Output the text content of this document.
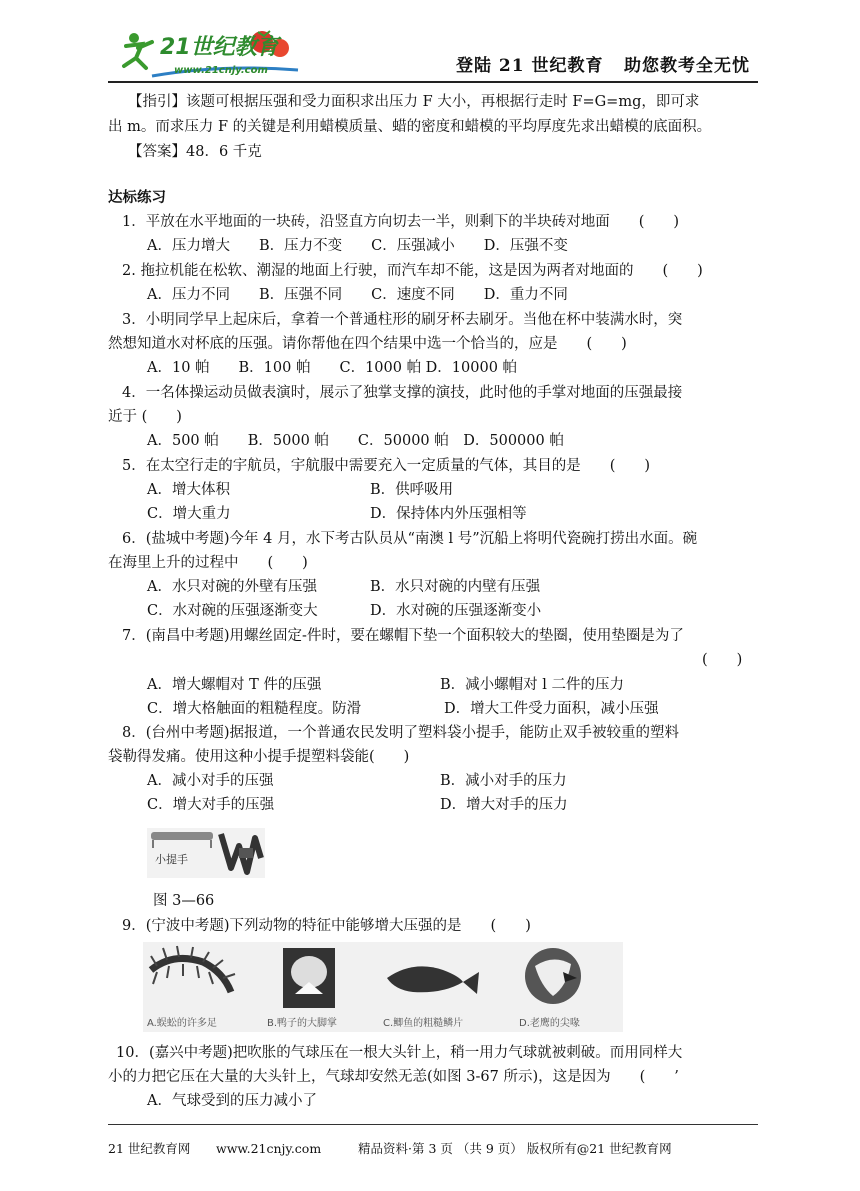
21世纪教育
www.21cnjy.com	登陆 21 世纪教育 助您教考全无忧
【指引】该题可根据压强和受力面积求出压力 F 大小，再根据行走时 F=G=mg，即可求
出 m。而求压力 F 的关键是利用蜡模质量、蜡的密度和蜡模的平均厚度先求出蜡模的底面积。
【答案】48．6 千克
达标练习
1．平放在水平地面的一块砖，沿竖直方向切去一半，则剩下的半块砖对地面　　(　　)
A．压力增大　　B．压力不变　　C．压强减小　　D．压强不变
2. 拖拉机能在松软、潮湿的地面上行驶，而汽车却不能，这是因为两者对地面的　　(　　)
A．压力不同　　B．压强不同　　C．速度不同　　D．重力不同
3．小明同学早上起床后，拿着一个普通柱形的刷牙杯去刷牙。当他在杯中装满水时，突
然想知道水对杯底的压强。请你帮他在四个结果中选一个恰当的，应是　　(　　)
A．10 帕　　B．100 帕　　C．1000 帕 D．10000 帕
4．一名体操运动员做表演时，展示了独掌支撑的演技，此时他的手掌对地面的压强最接
近于 (　　)
A．500 帕　　B．5000 帕　　C．50000 帕　D．500000 帕
5．在太空行走的宇航员，宇航服中需要充入一定质量的气体，其目的是　　(　　)
A．增大体积	B．供呼吸用
C．增大重力	D．保持体内外压强相等
6．(盐城中考题)今年 4 月，水下考古队员从“南澳 l 号”沉船上将明代瓷碗打捞出水面。碗
在海里上升的过程中　　(　　)
A．水只对碗的外壁有压强	B．水只对碗的内壁有压强
C．水对碗的压强逐渐变大	D．水对碗的压强逐渐变小
7．(南昌中考题)用螺丝固定-件时，要在螺帽下垫一个面积较大的垫圈，使用垫圈是为了
(　　)
A．增大螺帽对 T 件的压强	B．减小螺帽对 l 二件的压力
C．增大格触面的粗糙程度。防滑	D．增大工件受力面积，减小压强
8．(台州中考题)据报道，一个普通农民发明了塑料袋小提手，能防止双手被较重的塑料
袋勒得发痛。使用这种小提手提塑料袋能(　　)
A．减小对手的压强	B．减小对手的压力
C．增大对手的压强	D．增大对手的压力
小提手
图 3—66
9．(宁波中考题)下列动物的特征中能够增大压强的是　　(　　)
A.蜈蚣的许多足	B.鸭子的大脚掌	C.鲫鱼的粗糙鳞片	D.老鹰的尖喙
10．(嘉兴中考题)把吹胀的气球压在一根大头针上，稍一用力气球就被刺破。而用同样大
小的力把它压在大量的大头针上，气球却安然无恙(如图 3-67 所示)，这是因为　　(　　’
A．气球受到的压力减小了
21 世纪教育网 www.21cnjy.com	精品资料·第 3 页 （共 9 页） 版权所有@21 世纪教育网
